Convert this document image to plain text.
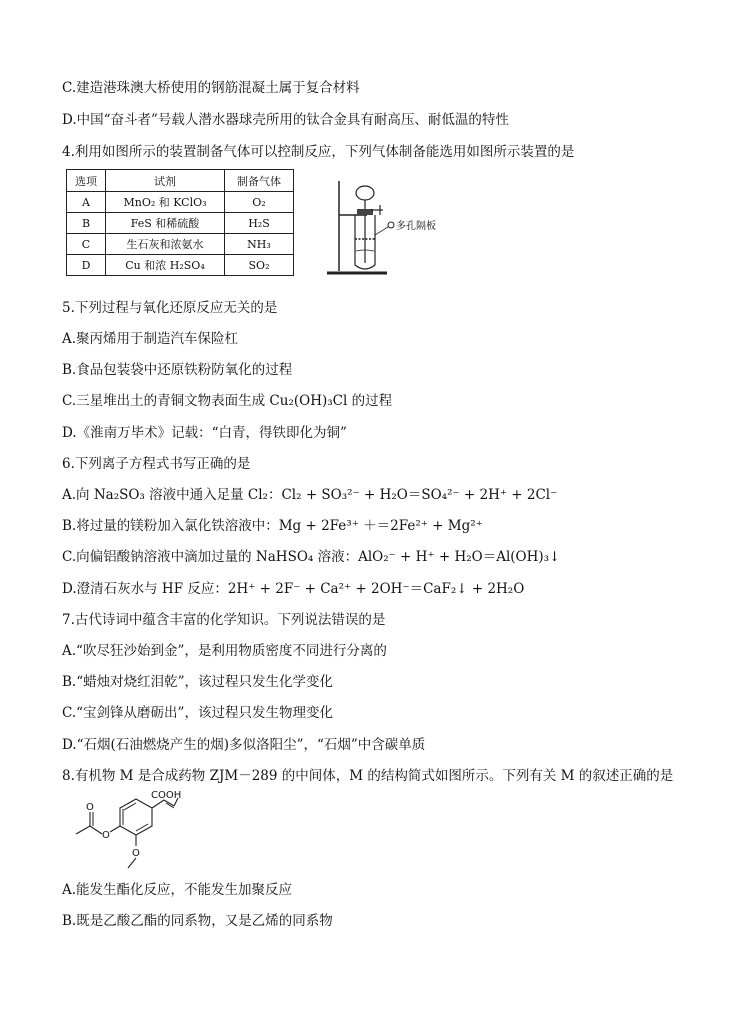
C.建造港珠澳大桥使用的钢筋混凝土属于复合材料
D.中国“奋斗者”号载人潜水器球壳所用的钛合金具有耐高压、耐低温的特性
4.利用如图所示的装置制备气体可以控制反应，下列气体制备能选用如图所示装置的是
选项	试剂	制备气体
A	MnO₂ 和 KClO₃	O₂
B	FeS 和稀硫酸	H₂S
C	生石灰和浓氨水	NH₃
D	Cu 和浓 H₂SO₄	SO₂
多孔隔板
5.下列过程与氧化还原反应无关的是
A.聚丙烯用于制造汽车保险杠
B.食品包装袋中还原铁粉防氧化的过程
C.三星堆出土的青铜文物表面生成 Cu₂(OH)₃Cl 的过程
D.《淮南万毕术》记载：“白青，得铁即化为铜”
6.下列离子方程式书写正确的是
A.向 Na₂SO₃ 溶液中通入足量 Cl₂：Cl₂ + SO₃²⁻ + H₂O＝SO₄²⁻ + 2H⁺ + 2Cl⁻
B.将过量的镁粉加入氯化铁溶液中：Mg + 2Fe³⁺ ＋＝2Fe²⁺ + Mg²⁺
C.向偏铝酸钠溶液中滴加过量的 NaHSO₄ 溶液：AlO₂⁻ + H⁺ + H₂O＝Al(OH)₃↓
D.澄清石灰水与 HF 反应：2H⁺ + 2F⁻ + Ca²⁺ + 2OH⁻＝CaF₂↓ + 2H₂O
7.古代诗词中蕴含丰富的化学知识。下列说法错误的是
A.“吹尽狂沙始到金”，是利用物质密度不同进行分离的
B.“蜡烛对烧红泪乾”，该过程只发生化学变化
C.“宝剑锋从磨砺出”，该过程只发生物理变化
D.“石烟(石油燃烧产生的烟)多似洛阳尘”，“石烟”中含碳单质
8.有机物 M 是合成药物 ZJM－289 的中间体，M 的结构简式如图所示。下列有关 M 的叙述正确的是
COOH
O
O
O
A.能发生酯化反应，不能发生加聚反应
B.既是乙酸乙酯的同系物，又是乙烯的同系物
